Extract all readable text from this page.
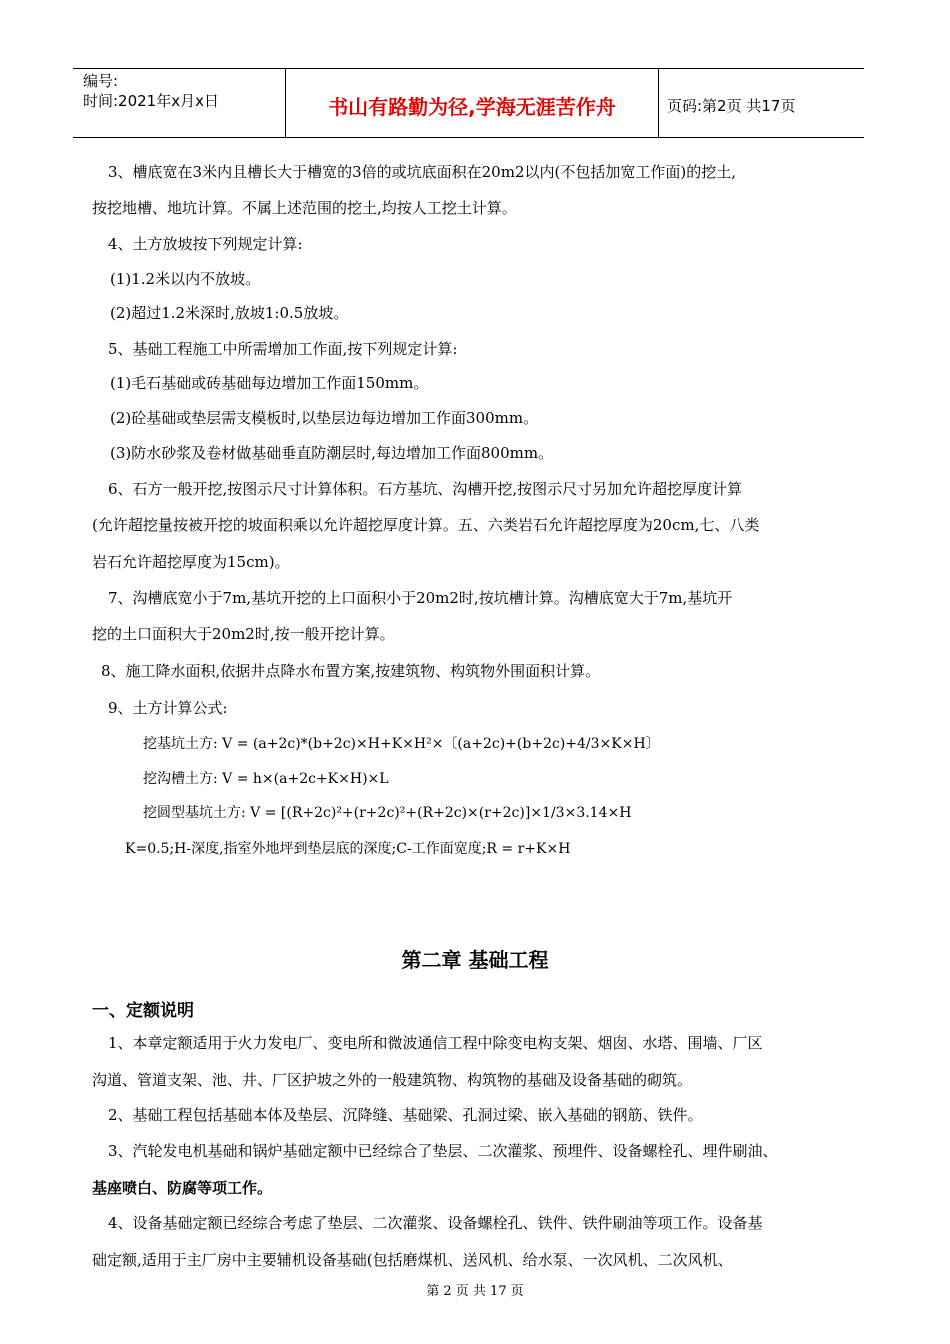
编号:
时间:2021年x月x日	书山有路勤为径,学海无涯苦作舟	页码:第2页 共17页
3、槽底宽在3米内且槽长大于槽宽的3倍的或坑底面积在20m2以内(不包括加宽工作面)的挖土,
按挖地槽、地坑计算。不属上述范围的挖土,均按人工挖土计算。
4、土方放坡按下列规定计算:
(1)1.2米以内不放坡。
(2)超过1.2米深时,放坡1:0.5放坡。
5、基础工程施工中所需增加工作面,按下列规定计算:
(1)毛石基础或砖基础每边增加工作面150mm。
(2)砼基础或垫层需支模板时,以垫层边每边增加工作面300mm。
(3)防水砂浆及卷材做基础垂直防潮层时,每边增加工作面800mm。
6、石方一般开挖,按图示尺寸计算体积。石方基坑、沟槽开挖,按图示尺寸另加允许超挖厚度计算
(允许超挖量按被开挖的坡面积乘以允许超挖厚度计算。五、六类岩石允许超挖厚度为20cm,七、八类
岩石允许超挖厚度为15cm)。
7、沟槽底宽小于7m,基坑开挖的上口面积小于20m2时,按坑槽计算。沟槽底宽大于7m,基坑开
挖的土口面积大于20m2时,按一般开挖计算。
8、施工降水面积,依据井点降水布置方案,按建筑物、构筑物外围面积计算。
9、土方计算公式:
挖基坑土方: V = (a+2c)*(b+2c)×H+K×H²×〔(a+2c)+(b+2c)+4/3×K×H〕
挖沟槽土方: V = h×(a+2c+K×H)×L
挖圆型基坑土方: V = [(R+2c)²+(r+2c)²+(R+2c)×(r+2c)]×1/3×3.14×H
K=0.5;H-深度,指室外地坪到垫层底的深度;C-工作面宽度;R = r+K×H
第二章 基础工程
一、定额说明
1、本章定额适用于火力发电厂、变电所和微波通信工程中除变电构支架、烟囱、水塔、围墙、厂区
沟道、管道支架、池、井、厂区护坡之外的一般建筑物、构筑物的基础及设备基础的砌筑。
2、基础工程包括基础本体及垫层、沉降缝、基础梁、孔洞过梁、嵌入基础的钢筋、铁件。
3、汽轮发电机基础和锅炉基础定额中已经综合了垫层、二次灌浆、预埋件、设备螺栓孔、埋件刷油、
基座喷白、防腐等项工作。
4、设备基础定额已经综合考虑了垫层、二次灌浆、设备螺栓孔、铁件、铁件刷油等项工作。设备基
础定额,适用于主厂房中主要辅机设备基础(包括磨煤机、送风机、给水泵、一次风机、二次风机、
第 2 页 共 17 页
